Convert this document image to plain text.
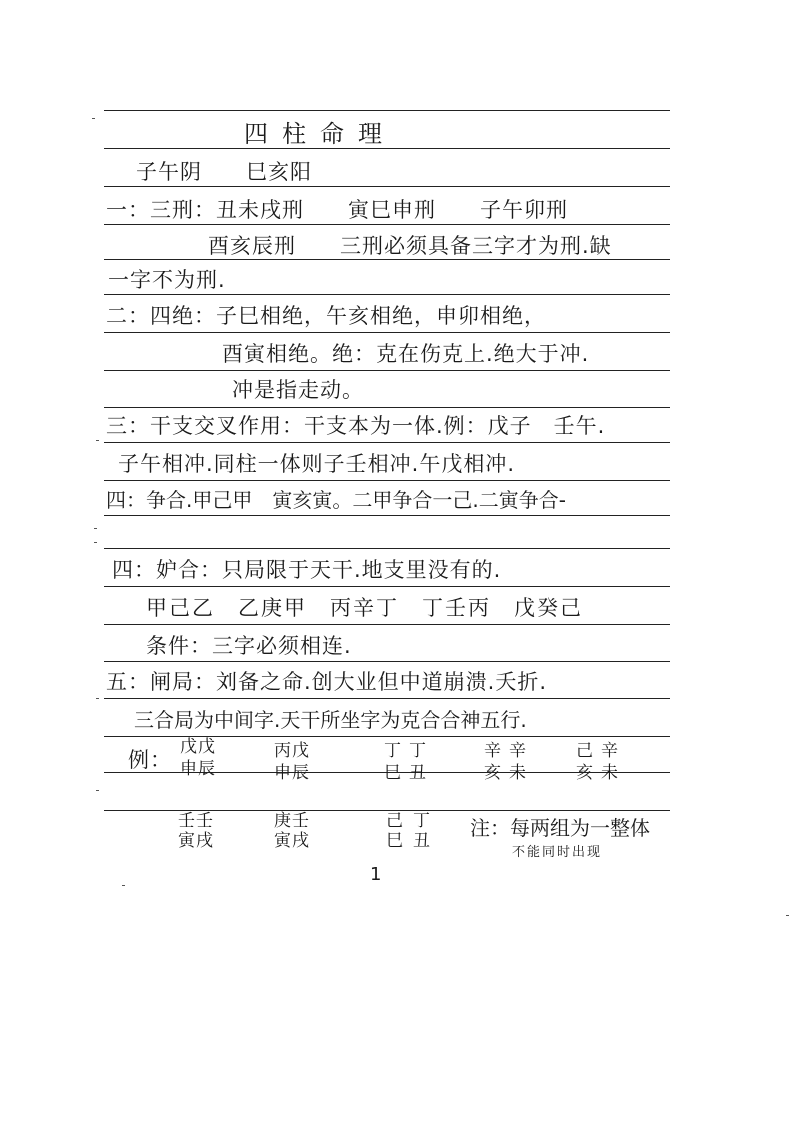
四柱命理
子午阴　　巳亥阳
一：三刑：丑未戌刑　　寅巳申刑　　子午卯刑
酉亥辰刑　　三刑必须具备三字才为刑.缺
一字不为刑.
二：四绝：子巳相绝，午亥相绝，申卯相绝，
酉寅相绝。绝：克在伤克上.绝大于冲.
冲是指走动。
三：干支交叉作用：干支本为一体.例：戊子　壬午.
子午相冲.同柱一体则子壬相冲.午戊相冲.
四：争合.甲己甲　寅亥寅。二甲争合一己.二寅争合-
四：妒合：只局限于天干.地支里没有的.
甲己乙　乙庚甲　丙辛丁　丁壬丙　戊癸己
条件：三字必须相连.
五：闸局：刘备之命.创大业但中道崩溃.夭折.
三合局为中间字.天干所坐字为克合合神五行.
例：
戊戊
申辰
丙戊
申辰
丁丁
巳丑
辛辛
亥未
己辛
亥未
壬壬
寅戌
庚壬
寅戌
己丁
巳丑
注：每两组为一整体
不能同时出现
1
